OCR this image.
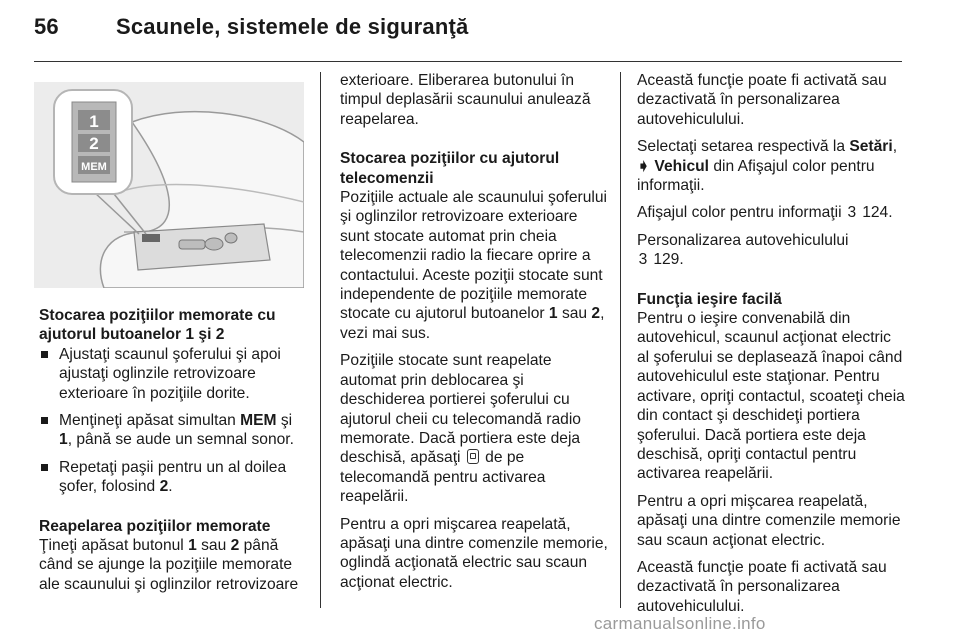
56	Scaunele, sistemele de siguranţă
1
2
MEM
Stocarea poziţiilor memorate cu ajutorul butoanelor 1 şi 2
Ajustaţi scaunul şoferului şi apoi ajustaţi oglinzile retrovizoare exterioare în poziţiile dorite.
Menţineţi apăsat simultan MEM şi 1, până se aude un semnal sonor.
Repetaţi paşii pentru un al doilea şofer, folosind 2.
Reapelarea poziţiilor memorate

Ţineţi apăsat butonul 1 sau 2 până când se ajunge la poziţiile memorate ale scaunului şi oglinzilor retrovizoare

exterioare. Eliberarea butonului în timpul deplasării scaunului anulează reapelarea.

Stocarea poziţiilor cu ajutorul telecomenzii

Poziţiile actuale ale scaunului şoferului şi oglinzilor retrovizoare exterioare sunt stocate automat prin cheia telecomenzii radio la fiecare oprire a contactului. Aceste poziţii stocate sunt independente de poziţiile memorate stocate cu ajutorul butoanelor 1 sau 2, vezi mai sus.

Poziţiile stocate sunt reapelate automat prin deblocarea şi deschiderea portierei şoferului cu ajutorul cheii cu telecomandă radio memorate. Dacă portiera este deja deschisă, apăsaţi  de pe telecomandă pentru activarea reapelării.

Pentru a opri mişcarea reapelată, apăsaţi una dintre comenzile memorie, oglindă acţionată electric sau scaun acţionat electric.

Această funcţie poate fi activată sau dezactivată în personalizarea autovehiculului.

Selectaţi setarea respectivă la Setări,
➧ Vehicul din Afişajul color pentru informaţii.

Afişajul color pentru informaţii 3 124.

Personalizarea autovehiculului
3 129.

Funcţia ieşire facilă

Pentru o ieşire convenabilă din autovehicul, scaunul acţionat electric al şoferului se deplasează înapoi când autovehiculul este staţionar. Pentru activare, opriţi contactul, scoateţi cheia din contact şi deschideţi portiera şoferului. Dacă portiera este deja deschisă, opriţi contactul pentru activarea reapelării.

Pentru a opri mişcarea reapelată, apăsaţi una dintre comenzile memorie sau scaun acţionat electric.

Această funcţie poate fi activată sau dezactivată în personalizarea autovehiculului.

carmanualsonline.info
